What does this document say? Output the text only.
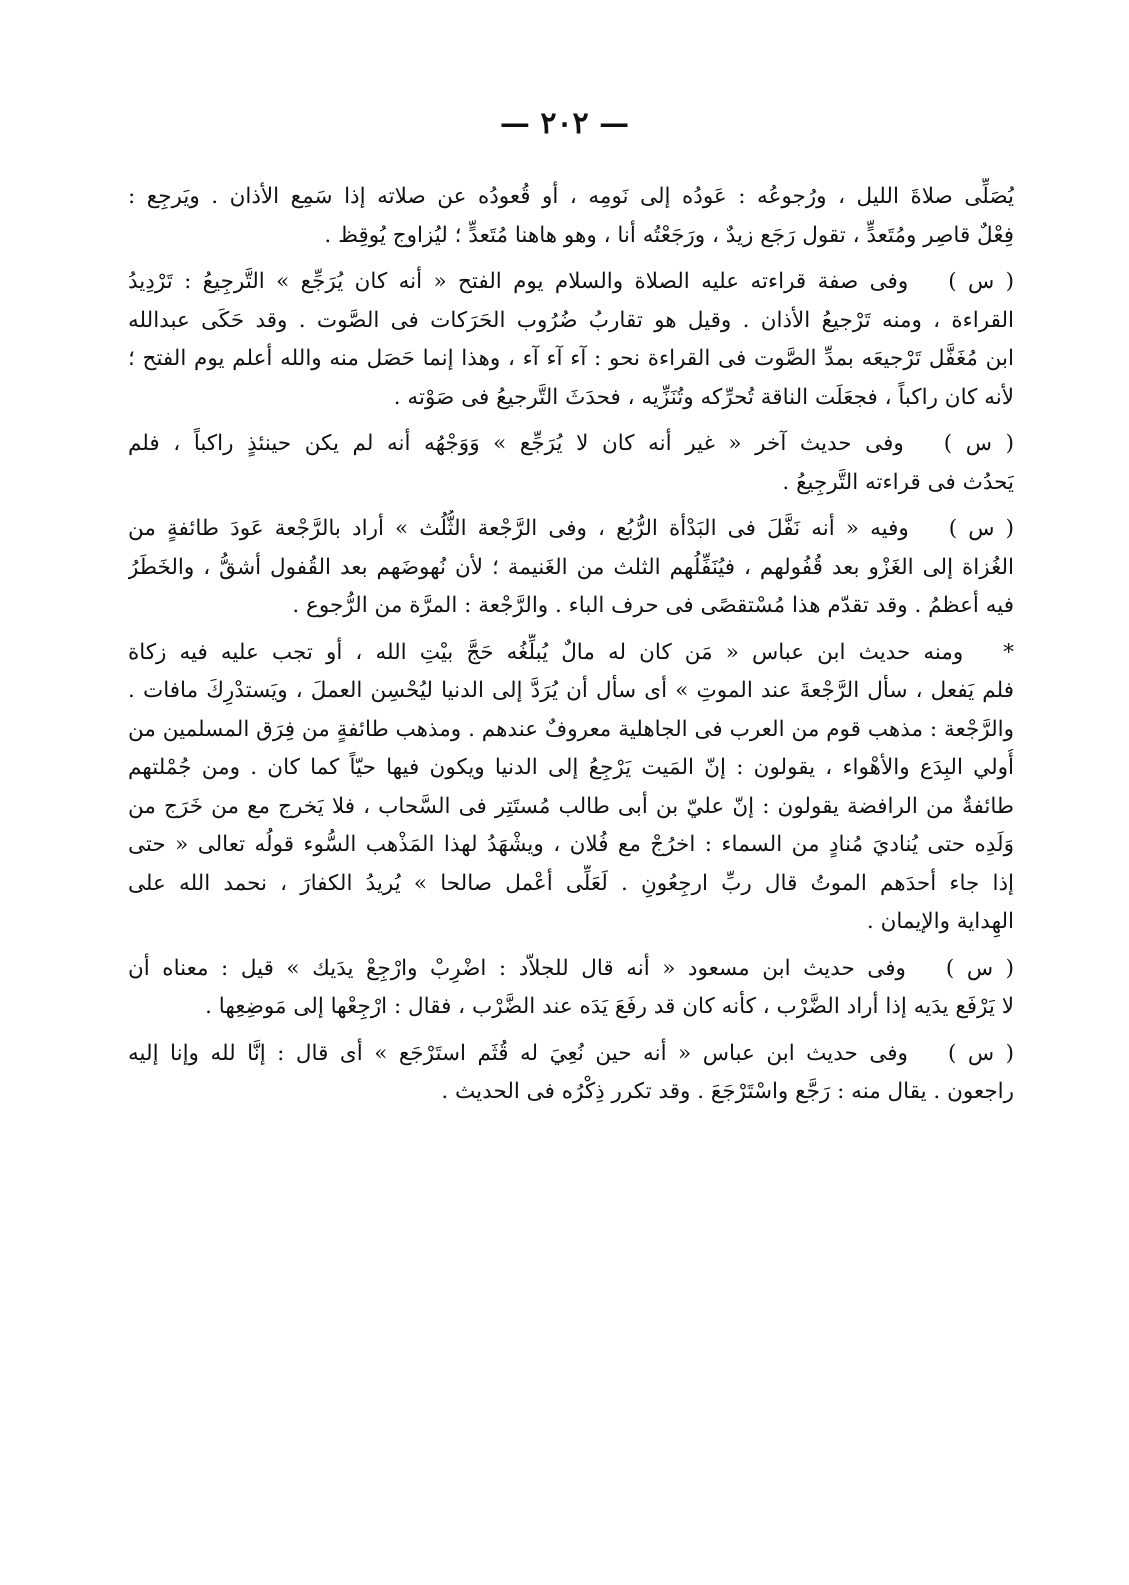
— ٢٠٢ —
يُصَلِّى صلاةَ الليل ، ورُجوعُه : عَودُه إلى نَومِه ، أو قُعودُه عن صلاته إذا سَمِع الأذان . ويَرجِع :
فِعْلٌ قاصِر ومُتَعدٍّ ، تقول رَجَع زيدٌ ، ورَجَعْتُه أنا ، وهو هاهنا مُتَعدٍّ ؛ ليُزاوج يُوقِظ .
( س )وفى صفة قراءته عليه الصلاة والسلام يوم الفتح « أنه كان يُرَجِّع » التَّرجِيعُ : تَرْدِيدُ
القراءة ، ومنه تَرْجيعُ الأذان . وقيل هو تقاربُ ضُرُوب الحَرَكات فى الصَّوت . وقد حَكَى عبدالله
ابن مُغَفَّل تَرْجيعَه بمدِّ الصَّوت فى القراءة نحو : آء آء آء ، وهذا إنما حَصَل منه والله أعلم يوم الفتح ؛
لأنه كان راكباً ، فجعَلَت الناقة تُحرِّكه وتُنَزِّيه ، فحدَثَ التَّرجيعُ فى صَوْته .
( س )وفى حديث آخر « غير أنه كان لا يُرَجِّع » وَوَجْهُه أنه لم يكن حينئذٍ راكباً ، فلم
يَحدُث فى قراءته التَّرجِيعُ .
( س )وفيه « أنه نَفَّلَ فى البَدْأة الرُّبُع ، وفى الرَّجْعة الثُّلُث » أراد بالرَّجْعة عَودَ طائفةٍ من
الغُزاة إلى الغَزْو بعد قُفُولهم ، فيُنَفِّلُهم الثلث من الغَنيمة ؛ لأن نُهوضَهم بعد القُفول أشقُّ ، والخَطَرُ
فيه أعظمُ . وقد تقدّم هذا مُسْتقصًى فى حرف الباء . والرَّجْعة : المرَّة من الرُّجوع .
*ومنه حديث ابن عباس « مَن كان له مالٌ يُبلِّغُه حَجَّ بيْتِ الله ، أو تجب عليه فيه زكاة
فلم يَفعل ، سأل الرَّجْعةَ عند الموتِ » أى سأل أن يُرَدَّ إلى الدنيا ليُحْسِن العملَ ، ويَستدْرِكَ مافات .
والرَّجْعة : مذهب قوم من العرب فى الجاهلية معروفٌ عندهم . ومذهب طائفةٍ من فِرَق المسلمين من
أُولي البِدَع والأهْواء ، يقولون : إنّ المَيت يَرْجِعُ إلى الدنيا ويكون فيها حيّاً كما كان . ومن جُمْلتهم
طائفةٌ من الرافضة يقولون : إنّ عليّ بن أبى طالب مُستَتِر فى السَّحاب ، فلا يَخرج مع من خَرَج من
وَلَدِه حتى يُناديَ مُنادٍ من السماء : اخرُجْ مع فُلان ، ويشْهَدُ لهذا المَذْهب السُّوء قولُه تعالى « حتى
إذا جاء أحدَهم الموتُ قال ربِّ ارجِعُونِ . لَعَلِّى أعْمل صالحا » يُريدُ الكفارَ ، نحمد الله على
الهِداية والإيمان .
( س )وفى حديث ابن مسعود « أنه قال للجلاّد : اضْرِبْ وارْجِعْ يدَيك » قيل : معناه أن
لا يَرْفَع يدَيه إذا أراد الضَّرْب ، كأنه كان قد رفَعَ يَدَه عند الضَّرْب ، فقال : ارْجِعْها إلى مَوضِعِها .
( س )وفى حديث ابن عباس « أنه حين نُعِيَ له قُثَم استَرْجَع » أى قال : إنَّا لله وإنا إليه
راجعون . يقال منه : رَجَّع واسْتَرْجَعَ . وقد تكرر ذِكْرُه فى الحديث .
